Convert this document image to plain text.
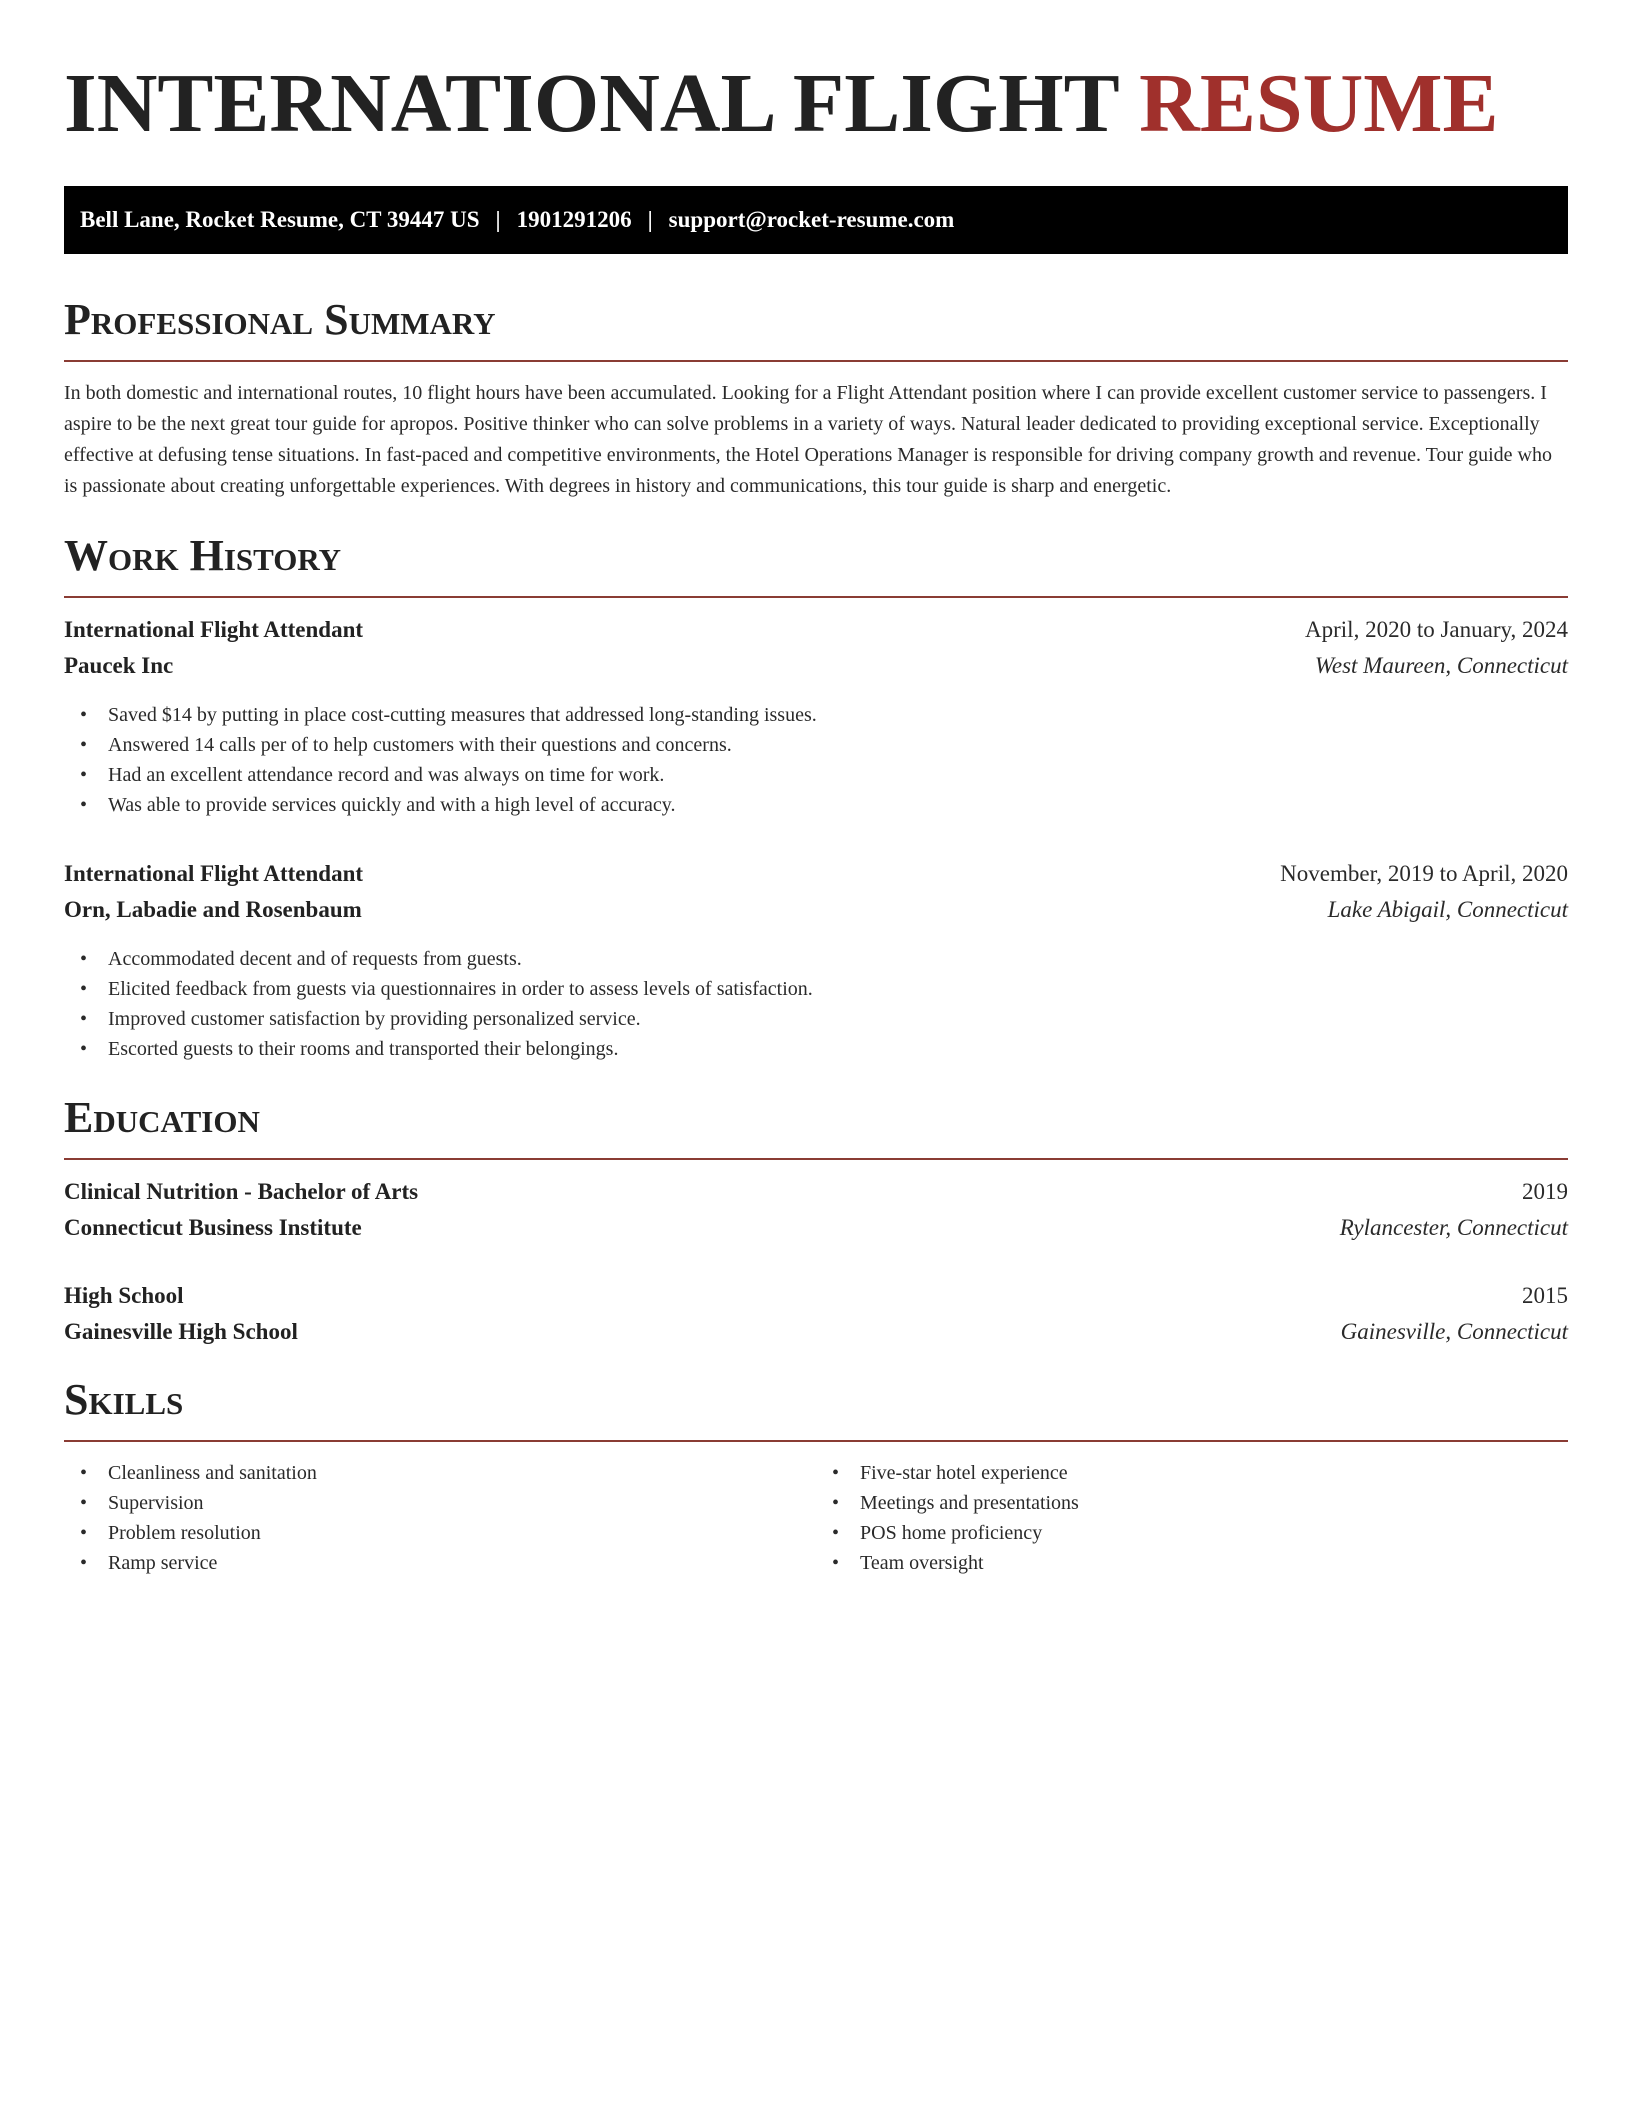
INTERNATIONAL FLIGHT RESUME
Bell Lane, Rocket Resume, CT 39447 US | 1901291206 | support@rocket-resume.com
Professional Summary

In both domestic and international routes, 10 flight hours have been accumulated. Looking for a Flight Attendant position where I can provide excellent customer service to passengers. I aspire to be the next great tour guide for apropos. Positive thinker who can solve problems in a variety of ways. Natural leader dedicated to providing exceptional service. Exceptionally effective at defusing tense situations. In fast-paced and competitive environments, the Hotel Operations Manager is responsible for driving company growth and revenue. Tour guide who is passionate about creating unforgettable experiences. With degrees in history and communications, this tour guide is sharp and energetic.

Work History
International Flight Attendant	April, 2020 to January, 2024
Paucek Inc	West Maureen, Connecticut
• Saved $14 by putting in place cost-cutting measures that addressed long-standing issues.
• Answered 14 calls per of to help customers with their questions and concerns.
• Had an excellent attendance record and was always on time for work.
• Was able to provide services quickly and with a high level of accuracy.
International Flight Attendant	November, 2019 to April, 2020
Orn, Labadie and Rosenbaum	Lake Abigail, Connecticut
• Accommodated decent and of requests from guests.
• Elicited feedback from guests via questionnaires in order to assess levels of satisfaction.
• Improved customer satisfaction by providing personalized service.
• Escorted guests to their rooms and transported their belongings.
Education
Clinical Nutrition - Bachelor of Arts	2019
Connecticut Business Institute	Rylancester, Connecticut
High School	2015
Gainesville High School	Gainesville, Connecticut
Skills
• Cleanliness and sanitation
• Supervision
• Problem resolution
• Ramp service
• Five-star hotel experience
• Meetings and presentations
• POS home proficiency
• Team oversight
